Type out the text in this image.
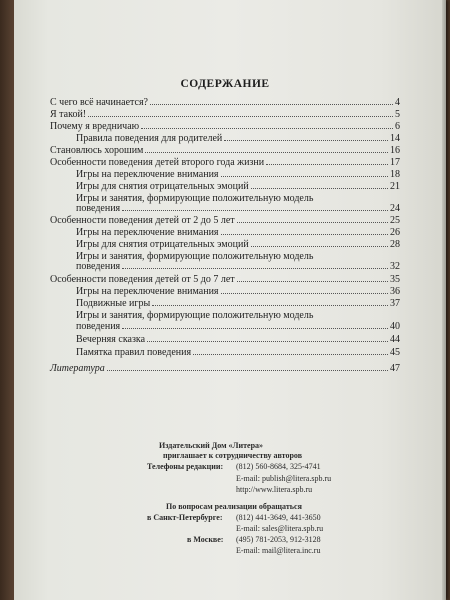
СОДЕРЖАНИЕ
С чего всё начинается?	4
Я такой!	5
Почему я вредничаю	6
Правила поведения для родителей	14
Становлюсь хорошим	16
Особенности поведения детей второго года жизни	17
Игры на переключение внимания	18
Игры для снятия отрицательных эмоций	21
Игры и занятия, формирующие положительную модель
поведения	24
Особенности поведения детей от 2 до 5 лет	25
Игры на переключение внимания	26
Игры для снятия отрицательных эмоций	28
Игры и занятия, формирующие положительную модель
поведения	32
Особенности поведения детей от 5 до 7 лет	35
Игры на переключение внимания	36
Подвижные игры	37
Игры и занятия, формирующие положительную модель
поведения	40
Вечерняя сказка	44
Памятка правил поведения	45
Литература	47
Издательский Дом «Литера»
приглашает к сотрудничеству авторов
Телефоны редакции: (812) 560-8684, 325-4741
E-mail: publish@litera.spb.ru
http://www.litera.spb.ru
По вопросам реализации обращаться
в Санкт-Петербурге: (812) 441-3649, 441-3650
E-mail: sales@litera.spb.ru
в Москве: (495) 781-2053, 912-3128
E-mail: mail@litera.inc.ru
